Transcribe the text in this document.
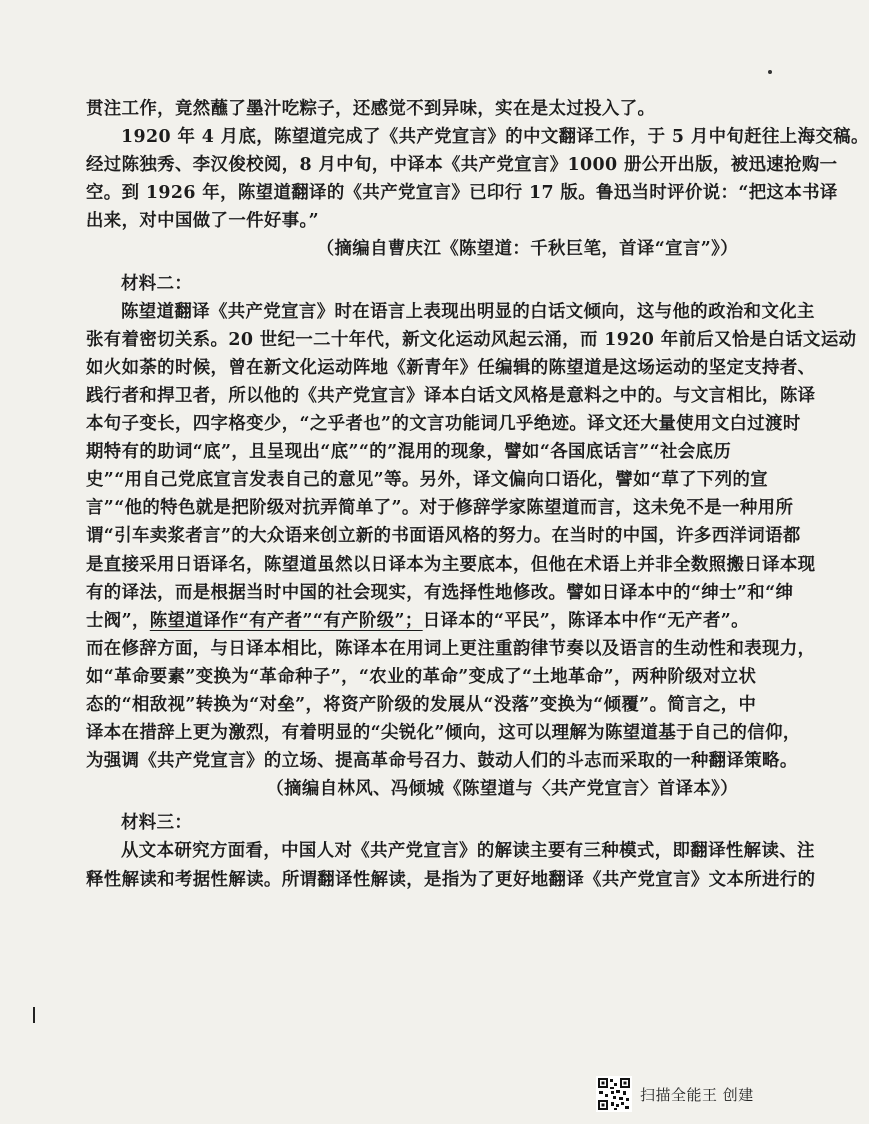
贯注工作，竟然蘸了墨汁吃粽子，还感觉不到异味，实在是太过投入了。
1920 年 4 月底，陈望道完成了《共产党宣言》的中文翻译工作，于 5 月中旬赶往上海交稿。
经过陈独秀、李汉俊校阅，8 月中旬，中译本《共产党宣言》1000 册公开出版，被迅速抢购一
空。到 1926 年，陈望道翻译的《共产党宣言》已印行 17 版。鲁迅当时评价说：“把这本书译
出来，对中国做了一件好事。”
（摘编自曹庆江《陈望道：千秋巨笔，首译“宣言”》）
材料二：
陈望道翻译《共产党宣言》时在语言上表现出明显的白话文倾向，这与他的政治和文化主
张有着密切关系。20 世纪一二十年代，新文化运动风起云涌，而 1920 年前后又恰是白话文运动
如火如荼的时候，曾在新文化运动阵地《新青年》任编辑的陈望道是这场运动的坚定支持者、
践行者和捍卫者，所以他的《共产党宣言》译本白话文风格是意料之中的。与文言相比，陈译
本句子变长，四字格变少，“之乎者也”的文言功能词几乎绝迹。译文还大量使用文白过渡时
期特有的助词“底”，且呈现出“底”“的”混用的现象，譬如“各国底话言”“社会底历
史”“用自己党底宣言发表自己的意见”等。另外，译文偏向口语化，譬如“草了下列的宣
言”“他的特色就是把阶级对抗弄简单了”。对于修辞学家陈望道而言，这未免不是一种用所
谓“引车卖浆者言”的大众语来创立新的书面语风格的努力。在当时的中国，许多西洋词语都
是直接采用日语译名，陈望道虽然以日译本为主要底本，但他在术语上并非全数照搬日译本现
有的译法，而是根据当时中国的社会现实，有选择性地修改。譬如日译本中的“绅士”和“绅
士阀”，陈望道译作“有产者”“有产阶级”；日译本的“平民”，陈译本中作“无产者”。
而在修辞方面，与日译本相比，陈译本在用词上更注重韵律节奏以及语言的生动性和表现力，
如“革命要素”变换为“革命种子”，“农业的革命”变成了“土地革命”，两种阶级对立状
态的“相敌视”转换为“对垒”，将资产阶级的发展从“没落”变换为“倾覆”。简言之，中
译本在措辞上更为激烈，有着明显的“尖锐化”倾向，这可以理解为陈望道基于自己的信仰，
为强调《共产党宣言》的立场、提高革命号召力、鼓动人们的斗志而采取的一种翻译策略。
（摘编自林风、冯倾城《陈望道与〈共产党宣言〉首译本》）
材料三：
从文本研究方面看，中国人对《共产党宣言》的解读主要有三种模式，即翻译性解读、注
释性解读和考据性解读。所谓翻译性解读，是指为了更好地翻译《共产党宣言》文本所进行的
扫描全能王 创建
